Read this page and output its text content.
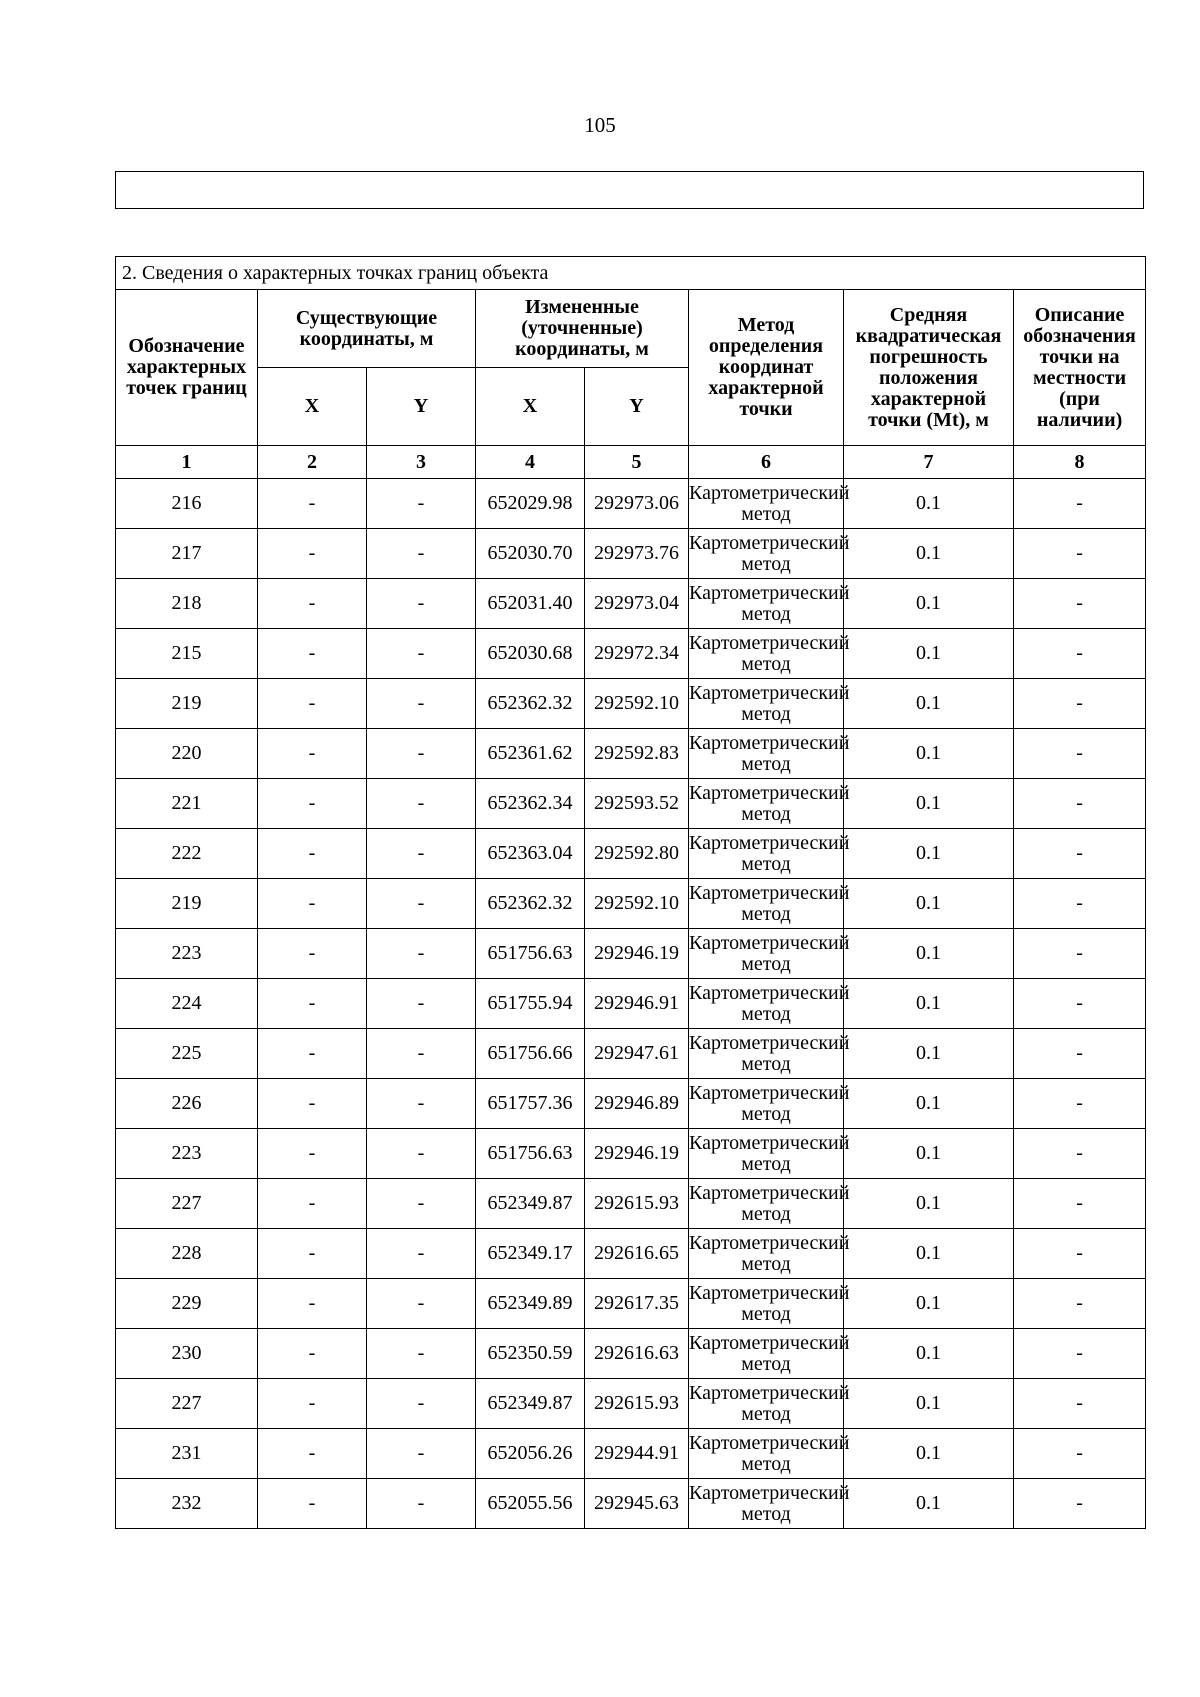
105
2. Сведения о характерных точках границ объекта							
Обозначение характерных точек границ	Существующие координаты, м		Измененные (уточненные) координаты, м		Метод определения координат характерной точки	Средняя квадратическая погрешность положения характерной точки (Mt), м	Описание обозначения точки на местности (при наличии)
	X	Y	X	Y			
1	2	3	4	5	6	7	8
216	-	-	652029.98	292973.06	Картометрический метод	0.1	-
217	-	-	652030.70	292973.76	Картометрический метод	0.1	-
218	-	-	652031.40	292973.04	Картометрический метод	0.1	-
215	-	-	652030.68	292972.34	Картометрический метод	0.1	-
219	-	-	652362.32	292592.10	Картометрический метод	0.1	-
220	-	-	652361.62	292592.83	Картометрический метод	0.1	-
221	-	-	652362.34	292593.52	Картометрический метод	0.1	-
222	-	-	652363.04	292592.80	Картометрический метод	0.1	-
219	-	-	652362.32	292592.10	Картометрический метод	0.1	-
223	-	-	651756.63	292946.19	Картометрический метод	0.1	-
224	-	-	651755.94	292946.91	Картометрический метод	0.1	-
225	-	-	651756.66	292947.61	Картометрический метод	0.1	-
226	-	-	651757.36	292946.89	Картометрический метод	0.1	-
223	-	-	651756.63	292946.19	Картометрический метод	0.1	-
227	-	-	652349.87	292615.93	Картометрический метод	0.1	-
228	-	-	652349.17	292616.65	Картометрический метод	0.1	-
229	-	-	652349.89	292617.35	Картометрический метод	0.1	-
230	-	-	652350.59	292616.63	Картометрический метод	0.1	-
227	-	-	652349.87	292615.93	Картометрический метод	0.1	-
231	-	-	652056.26	292944.91	Картометрический метод	0.1	-
232	-	-	652055.56	292945.63	Картометрический метод	0.1	-
